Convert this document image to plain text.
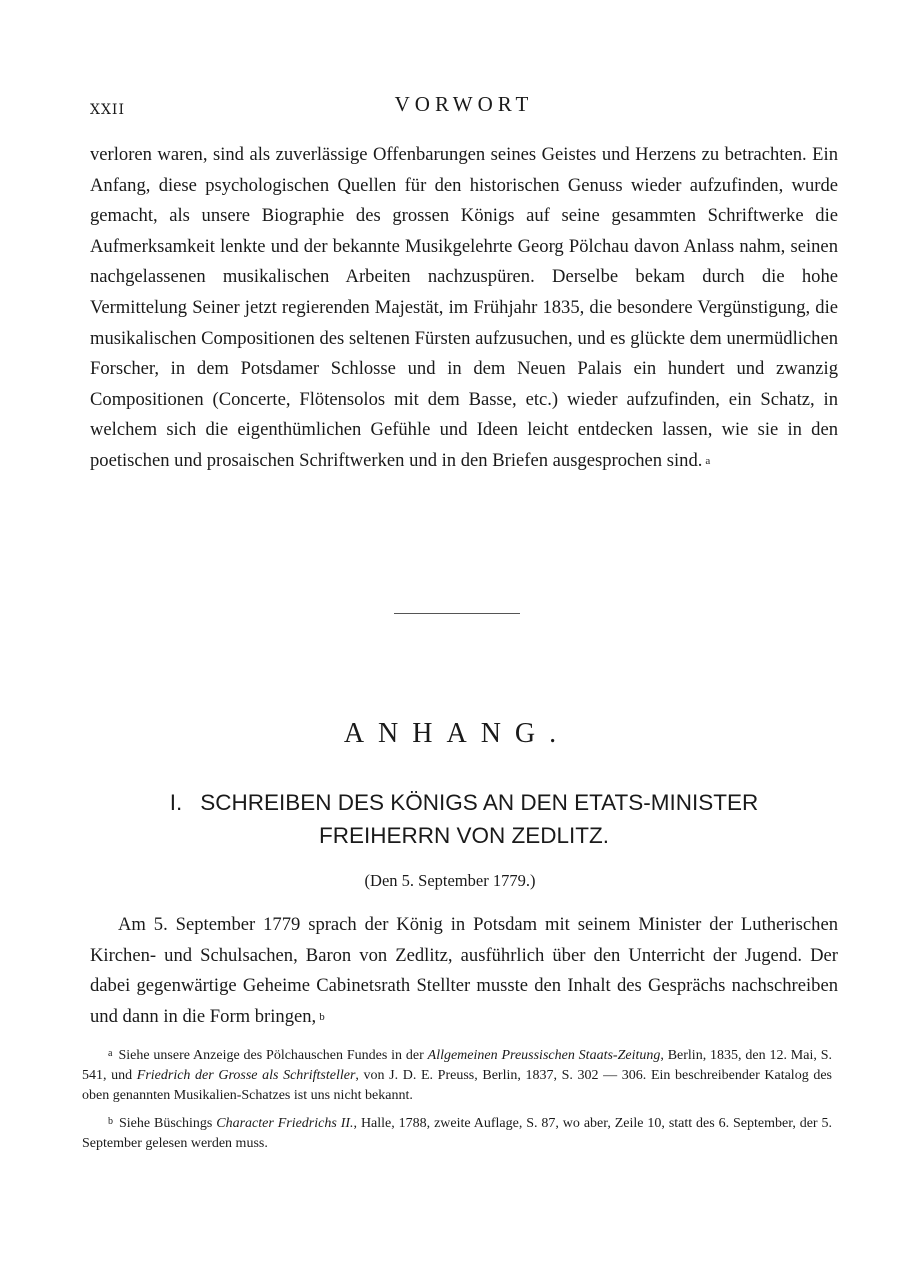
XXII	VORWORT

verloren waren, sind als zuverlässige Offenbarungen seines Geistes und Herzens zu betrachten. Ein Anfang, diese psychologischen Quellen für den historischen Genuss wieder aufzufinden, wurde gemacht, als unsere Biographie des grossen Königs auf seine gesammten Schriftwerke die Aufmerksamkeit lenkte und der bekannte Musikgelehrte Georg Pölchau davon Anlass nahm, seinen nachgelassenen musikalischen Arbeiten nachzuspüren. Derselbe bekam durch die hohe Vermittelung Seiner jetzt regierenden Majestät, im Frühjahr 1835, die besondere Vergünstigung, die musikalischen Compositionen des seltenen Fürsten aufzusuchen, und es glückte dem unermüdlichen Forscher, in dem Potsdamer Schlosse und in dem Neuen Palais ein hundert und zwanzig Compositionen (Concerte, Flötensolos mit dem Basse, etc.) wieder aufzufinden, ein Schatz, in welchem sich die eigenthümlichen Gefühle und Ideen leicht entdecken lassen, wie sie in den poetischen und prosaischen Schriftwerken und in den Briefen ausgesprochen sind. a

ANHANG.
I. SCHREIBEN DES KÖNIGS AN DEN ETATS-MINISTER
FREIHERRN VON ZEDLITZ.
(Den 5. September 1779.)

Am 5. September 1779 sprach der König in Potsdam mit seinem Minister der Lutherischen Kirchen- und Schulsachen, Baron von Zedlitz, ausführlich über den Unterricht der Jugend. Der dabei gegenwärtige Geheime Cabinetsrath Stellter musste den Inhalt des Gesprächs nachschreiben und dann in die Form bringen, b

$^a$ Siehe unsere Anzeige des Pölchauschen Fundes in der Allgemeinen Preussischen Staats-Zeitung, Berlin, 1835, den 12. Mai, S. 541, und Friedrich der Grosse als Schriftsteller, von J. D. E. Preuss, Berlin, 1837, S. 302 — 306. Ein beschreibender Katalog des oben genannten Musikalien-Schatzes ist uns nicht bekannt.

$^b$ Siehe Büschings Character Friedrichs II., Halle, 1788, zweite Auflage, S. 87, wo aber, Zeile 10, statt des 6. September, der 5. September gelesen werden muss.
